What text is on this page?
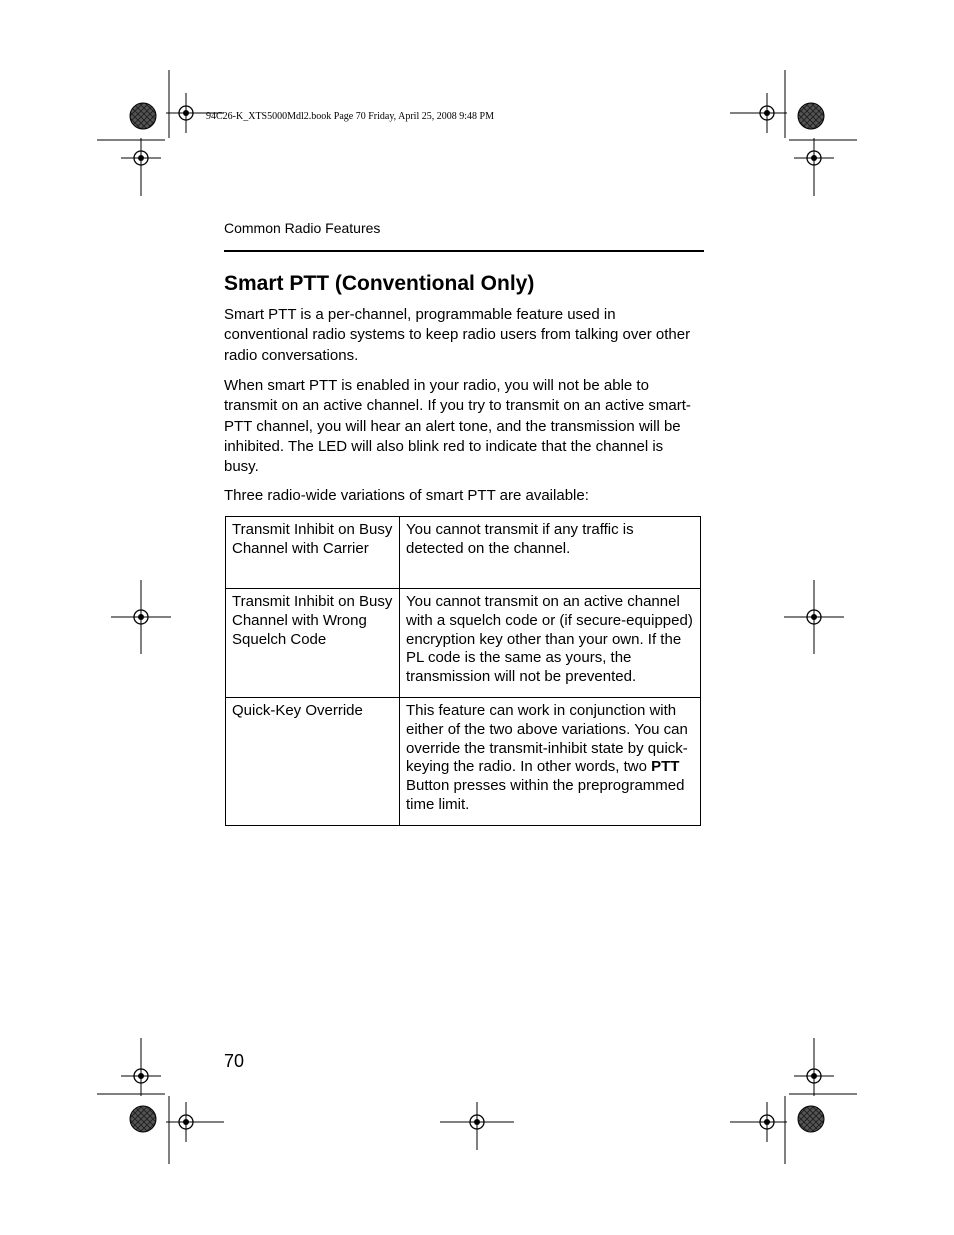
94C26-K_XTS5000Mdl2.book Page 70 Friday, April 25, 2008 9:48 PM
Common Radio Features
Smart PTT (Conventional Only)

Smart PTT is a per-channel, programmable feature used in conventional radio systems to keep radio users from talking over other radio conversations.

When smart PTT is enabled in your radio, you will not be able to transmit on an active channel. If you try to transmit on an active smart-PTT channel, you will hear an alert tone, and the transmission will be inhibited. The LED will also blink red to indicate that the channel is busy.

Three radio-wide variations of smart PTT are available:

Transmit Inhibit on Busy Channel with Carrier	You cannot transmit if any traffic is detected on the channel.
Transmit Inhibit on Busy Channel with Wrong Squelch Code	You cannot transmit on an active channel with a squelch code or (if secure-equipped) encryption key other than your own. If the PL code is the same as yours, the transmission will not be prevented.
Quick-Key Override	This feature can work in conjunction with either of the two above variations. You can override the transmit-inhibit state by quick-keying the radio. In other words, two PTT Button presses within the preprogrammed time limit.
70
